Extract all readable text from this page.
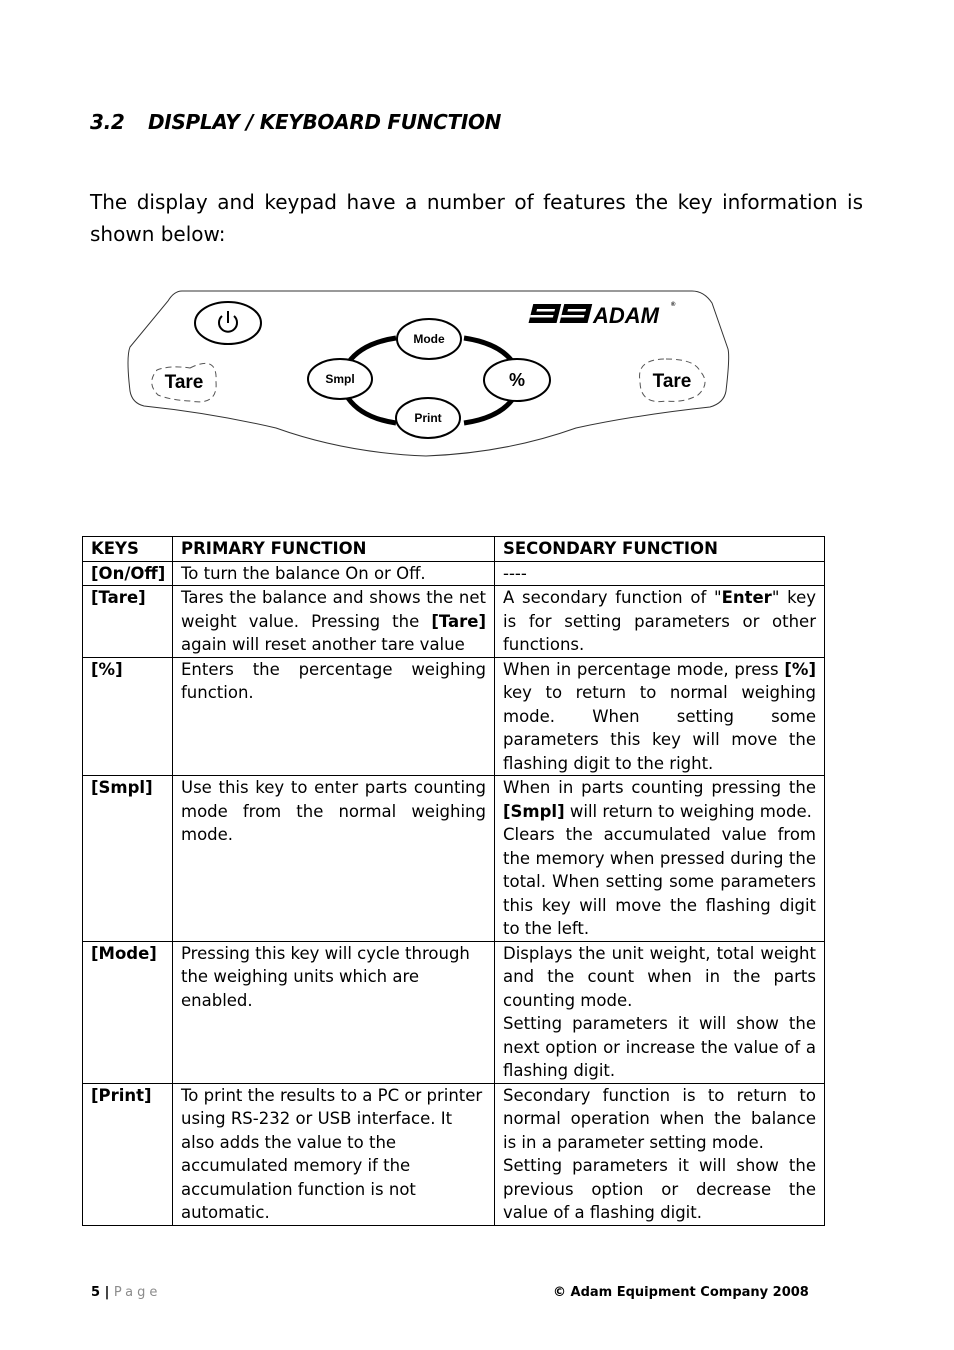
3.2 DISPLAY / KEYBOARD FUNCTION

The display and keypad have a number of features the key information is shown below:

Tare	Tare
Mode
Smpl	%
Print
ADAM ®
KEYS	PRIMARY FUNCTION	SECONDARY FUNCTION
[On/Off]	To turn the balance On or Off.	----
[Tare]	Tares the balance and shows the net weight value. Pressing the [Tare] again will reset another tare value	A secondary function of "Enter" key is for setting parameters or other functions.
[%]	Enters the percentage weighing function.	When in percentage mode, press [%] key to return to normal weighing mode. When setting some parameters this key will move the flashing digit to the right.
[Smpl]	Use this key to enter parts counting mode from the normal weighing mode.	When in parts counting pressing the [Smpl] will return to weighing mode.
Clears the accumulated value from the memory when pressed during the total. When setting some parameters this key will move the flashing digit to the left.

[Mode]	Pressing this key will cycle through the weighing units which are enabled.	Displays the unit weight, total weight and the count when in the parts counting mode.
Setting parameters it will show the next option or increase the value of a flashing digit.

[Print]	To print the results to a PC or printer using RS-232 or USB interface. It also adds the value to the accumulated memory if the accumulation function is not automatic.	Secondary function is to return to normal operation when the balance is in a parameter setting mode.
Setting parameters it will show the previous option or decrease the value of a flashing digit.
5 | Page	© Adam Equipment Company 2008
